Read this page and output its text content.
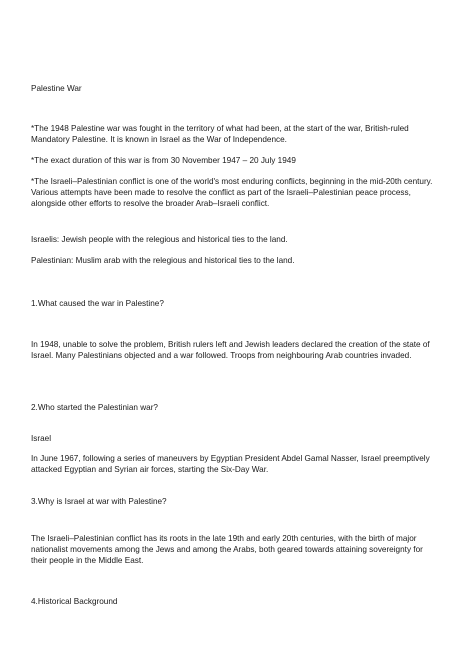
Palestine War

*The 1948 Palestine war was fought in the territory of what had been, at the start of the war, British-ruled Mandatory Palestine. It is known in Israel as the War of Independence.

*The exact duration of this war is from 30 November 1947 – 20 July 1949

*The Israeli–Palestinian conflict is one of the world's most enduring conflicts, beginning in the mid-20th century. Various attempts have been made to resolve the conflict as part of the Israeli–Palestinian peace process, alongside other efforts to resolve the broader Arab–Israeli conflict.

Israelis: Jewish people with the relegious and historical ties to the land.

Palestinian: Muslim arab with the relegious and historical ties to the land.

1.What caused the war in Palestine?

In 1948, unable to solve the problem, British rulers left and Jewish leaders declared the creation of the state of Israel. Many Palestinians objected and a war followed. Troops from neighbouring Arab countries invaded.

2.Who started the Palestinian war?

Israel

In June 1967, following a series of maneuvers by Egyptian President Abdel Gamal Nasser, Israel preemptively attacked Egyptian and Syrian air forces, starting the Six-Day War.

3.Why is Israel at war with Palestine?

The Israeli–Palestinian conflict has its roots in the late 19th and early 20th centuries, with the birth of major nationalist movements among the Jews and among the Arabs, both geared towards attaining sovereignty for their people in the Middle East.

4.Historical Background
